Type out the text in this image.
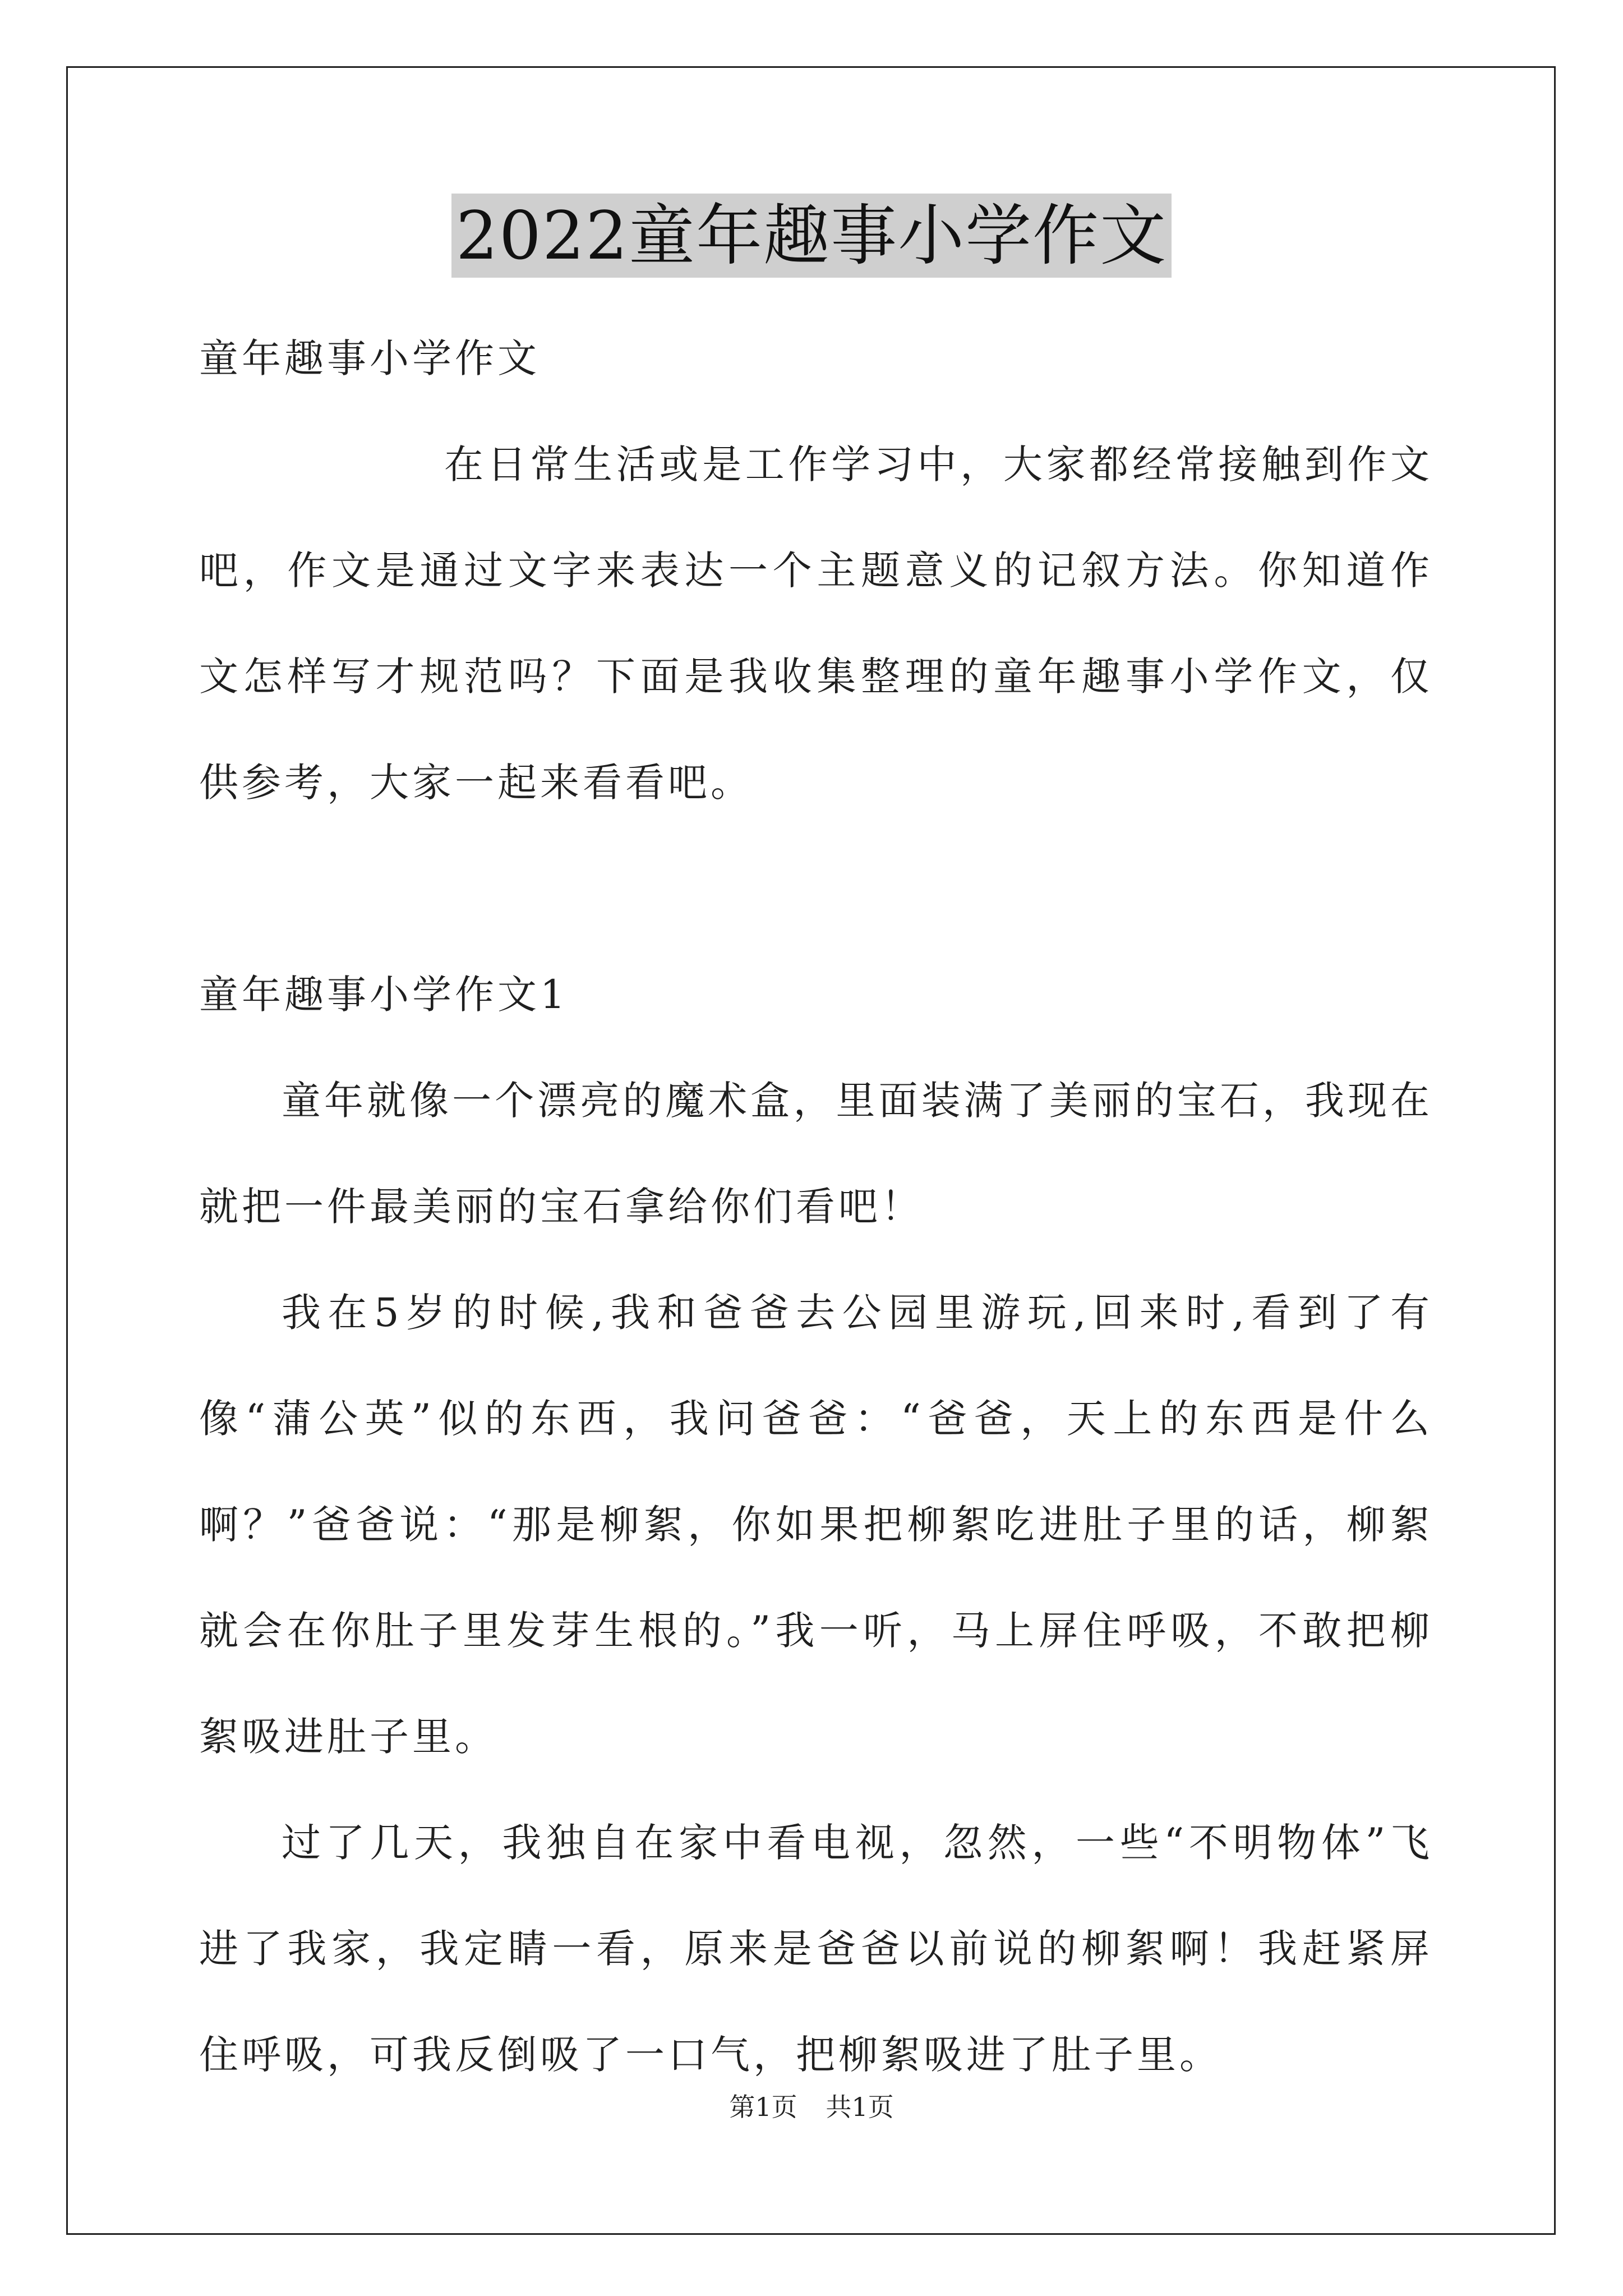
2022童年趣事小学作文

童年趣事小学作文

在日常生活或是工作学习中，大家都经常接触到作文吧，作文是通过文字来表达一个主题意义的记叙方法。你知道作文怎样写才规范吗？下面是我收集整理的童年趣事小学作文，仅供参考，大家一起来看看吧。

童年趣事小学作文1

童年就像一个漂亮的魔术盒，里面装满了美丽的宝石，我现在就把一件最美丽的宝石拿给你们看吧！

我在5岁的时候,我和爸爸去公园里游玩,回来时,看到了有像“蒲公英”似的东西，我问爸爸：“爸爸，天上的东西是什么啊？”爸爸说：“那是柳絮，你如果把柳絮吃进肚子里的话，柳絮就会在你肚子里发芽生根的。”我一听，马上屏住呼吸，不敢把柳絮吸进肚子里。

过了几天，我独自在家中看电视，忽然，一些“不明物体”飞进了我家，我定睛一看，原来是爸爸以前说的柳絮啊！我赶紧屏住呼吸，可我反倒吸了一口气，把柳絮吸进了肚子里。

第1页 共1页
